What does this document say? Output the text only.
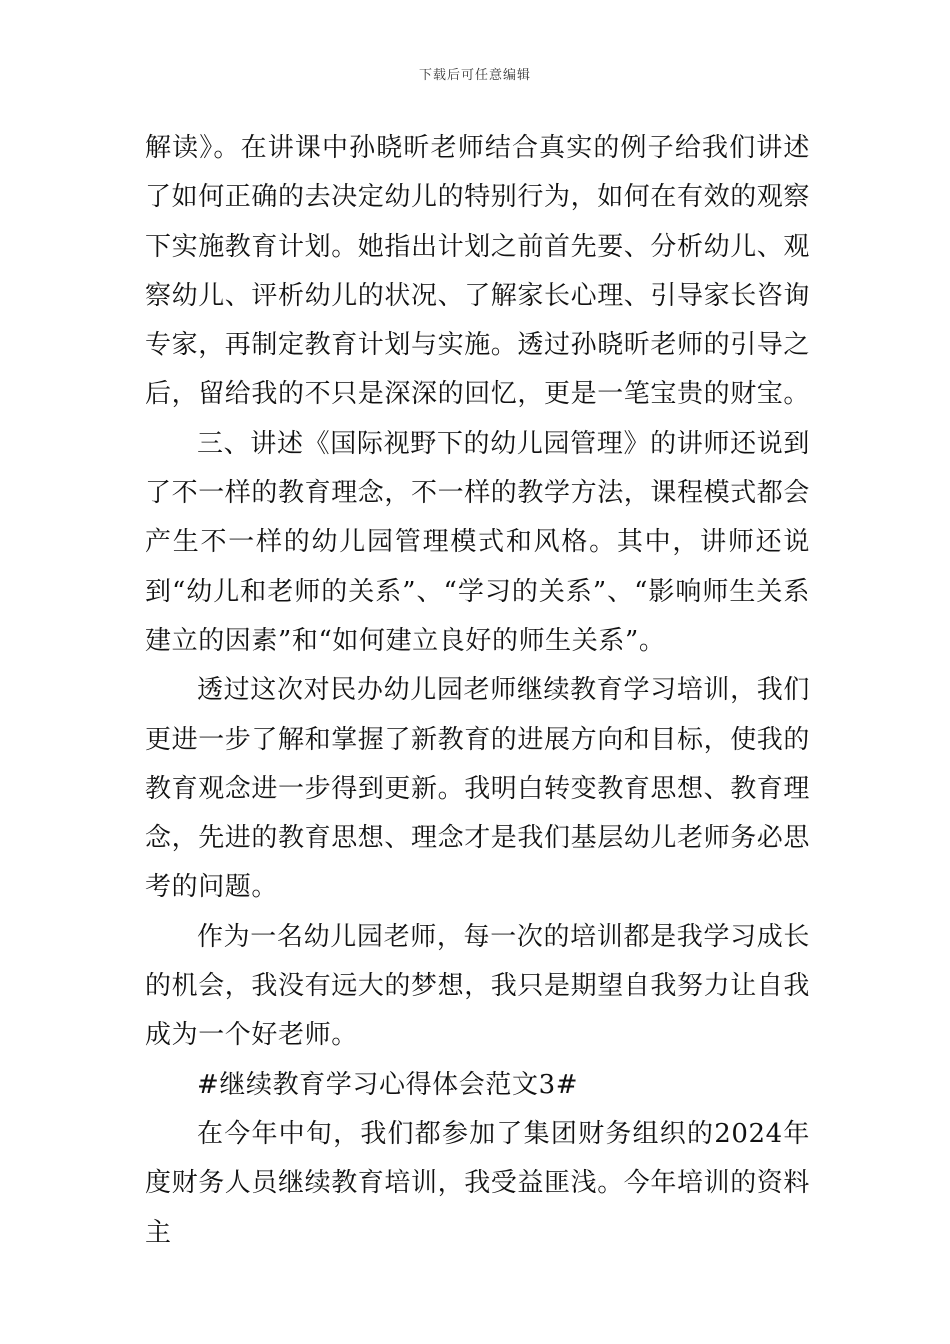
下载后可任意编辑

解读》。在讲课中孙晓昕老师结合真实的例子给我们讲述了如何正确的去决定幼儿的特别行为，如何在有效的观察下实施教育计划。她指出计划之前首先要、分析幼儿、观察幼儿、评析幼儿的状况、了解家长心理、引导家长咨询专家，再制定教育计划与实施。透过孙晓昕老师的引导之后，留给我的不只是深深的回忆，更是一笔宝贵的财宝。

三、讲述《国际视野下的幼儿园管理》的讲师还说到了不一样的教育理念，不一样的教学方法，课程模式都会产生不一样的幼儿园管理模式和风格。其中，讲师还说到“幼儿和老师的关系”、“学习的关系”、“影响师生关系建立的因素”和“如何建立良好的师生关系”。

透过这次对民办幼儿园老师继续教育学习培训，我们更进一步了解和掌握了新教育的进展方向和目标，使我的教育观念进一步得到更新。我明白转变教育思想、教育理念，先进的教育思想、理念才是我们基层幼儿老师务必思考的问题。

作为一名幼儿园老师，每一次的培训都是我学习成长的机会，我没有远大的梦想，我只是期望自我努力让自我成为一个好老师。

#继续教育学习心得体会范文3#

在今年中旬，我们都参加了集团财务组织的2024年度财务人员继续教育培训，我受益匪浅。今年培训的资料主
